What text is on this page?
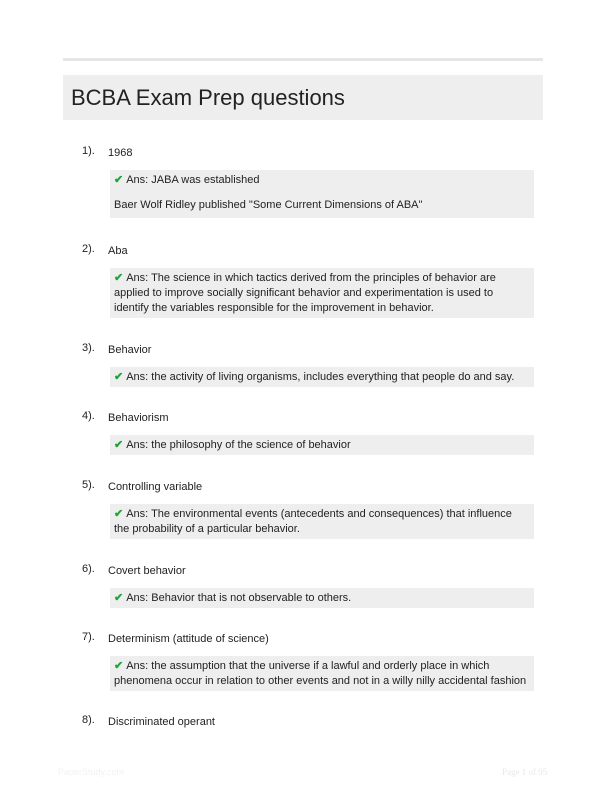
BCBA Exam Prep questions
1). 1968

✔ Ans: JABA was established

Baer Wolf Ridley published "Some Current Dimensions of ABA"

2). Aba

✔ Ans: The science in which tactics derived from the principles of behavior are applied to improve socially significant behavior and experimentation is used to identify the variables responsible for the improvement in behavior.

3). Behavior

✔ Ans: the activity of living organisms, includes everything that people do and say.

4). Behaviorism

✔ Ans: the philosophy of the science of behavior

5). Controlling variable

✔ Ans: The environmental events (antecedents and consequences) that influence the probability of a particular behavior.

6). Covert behavior

✔ Ans: Behavior that is not observable to others.

7). Determinism (attitude of science)

✔ Ans: the assumption that the universe if a lawful and orderly place in which phenomena occur in relation to other events and not in a willy nilly accidental fashion

8). Discriminated operant
PaperStudy.com	Page 1 of 95
